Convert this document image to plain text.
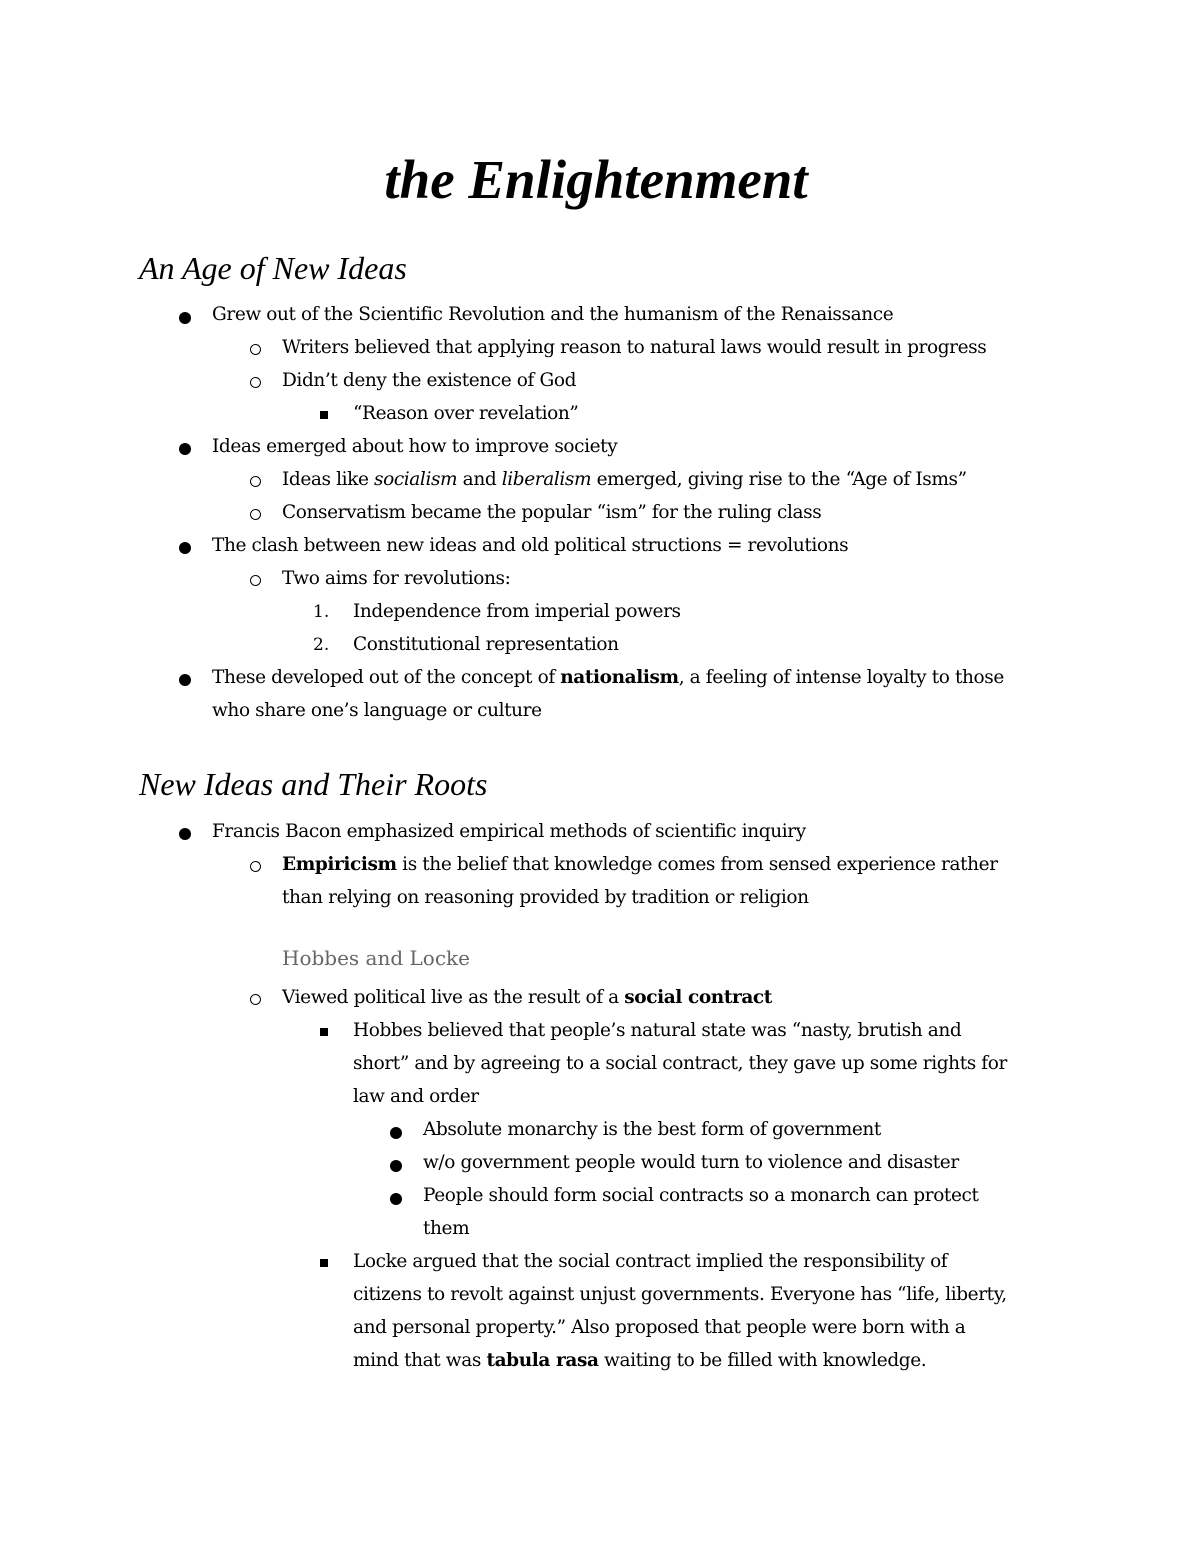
the Enlightenment
An Age of New Ideas
Grew out of the Scientific Revolution and the humanism of the Renaissance
Writers believed that applying reason to natural laws would result in progress
Didn’t deny the existence of God
“Reason over revelation”
Ideas emerged about how to improve society
Ideas like socialism and liberalism emerged, giving rise to the “Age of Isms”
Conservatism became the popular “ism” for the ruling class
The clash between new ideas and old political structions = revolutions
Two aims for revolutions:
1. Independence from imperial powers
2. Constitutional representation
These developed out of the concept of nationalism, a feeling of intense loyalty to those
who share one’s language or culture
New Ideas and Their Roots
Francis Bacon emphasized empirical methods of scientific inquiry
Empiricism is the belief that knowledge comes from sensed experience rather
than relying on reasoning provided by tradition or religion
Hobbes and Locke
Viewed political live as the result of a social contract
Hobbes believed that people’s natural state was “nasty, brutish and
short” and by agreeing to a social contract, they gave up some rights for
law and order
Absolute monarchy is the best form of government
w/o government people would turn to violence and disaster
People should form social contracts so a monarch can protect
them
Locke argued that the social contract implied the responsibility of
citizens to revolt against unjust governments. Everyone has “life, liberty,
and personal property.” Also proposed that people were born with a
mind that was tabula rasa waiting to be filled with knowledge.
